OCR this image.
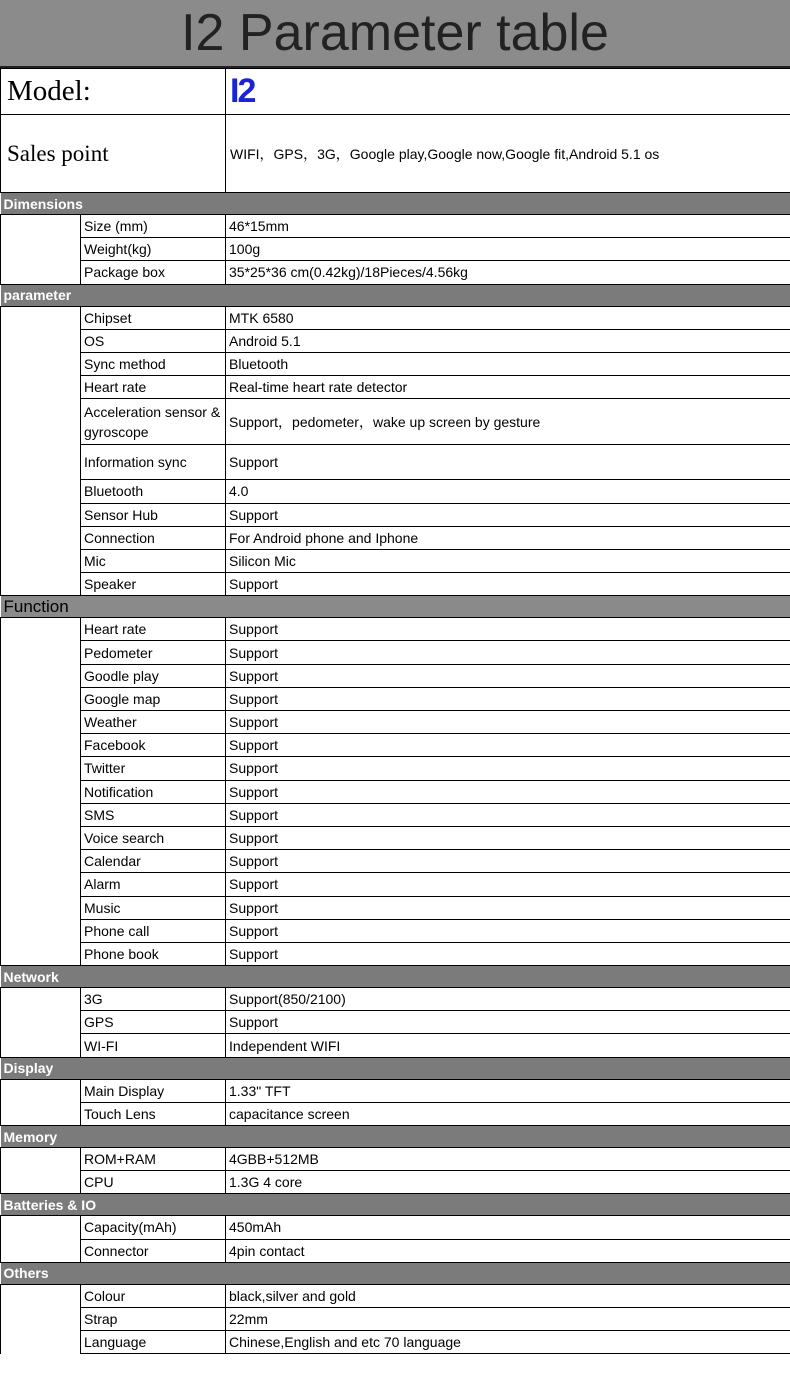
I2 Parameter table
Model:		I2
Sales point		WIFI，GPS，3G，Google play,Google now,Google fit,Android 5.1 os
Dimensions		
	Size (mm)	46*15mm
	Weight(kg)	100g
	Package box	35*25*36 cm(0.42kg)/18Pieces/4.56kg
parameter		
	Chipset	MTK 6580
	OS	Android 5.1
	Sync method	Bluetooth
	Heart rate	Real-time heart rate detector
	Acceleration sensor & gyroscope	Support，pedometer，wake up screen by gesture
	Information sync	Support
	Bluetooth	4.0
	Sensor Hub	Support
	Connection	For Android phone and Iphone
	Mic	Silicon Mic
	Speaker	Support
Function		
	Heart rate	Support
	Pedometer	Support
	Goodle play	Support
	Google map	Support
	Weather	Support
	Facebook	Support
	Twitter	Support
	Notification	Support
	SMS	Support
	Voice search	Support
	Calendar	Support
	Alarm	Support
	Music	Support
	Phone call	Support
	Phone book	Support
Network		
	3G	Support(850/2100)
	GPS	Support
	WI-FI	Independent WIFI
Display		
	Main Display	1.33" TFT
	Touch Lens	capacitance screen
Memory		
	ROM+RAM	4GBB+512MB
	CPU	1.3G 4 core
Batteries & IO		
	Capacity(mAh)	450mAh
	Connector	4pin contact
Others		
	Colour	black,silver and gold
	Strap	22mm
	Language	Chinese,English and etc 70 language
